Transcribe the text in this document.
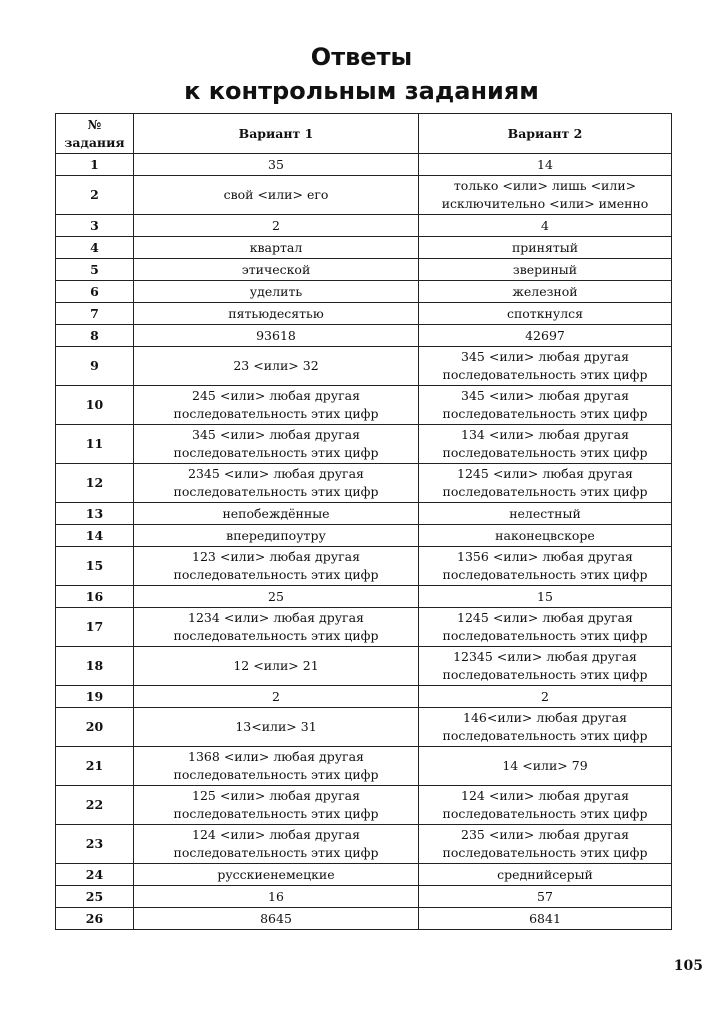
Ответы
к контрольным заданиям
№ задания	Вариант 1	Вариант 2
1	35	14

2	свой <или> его	только <или> лишь <или>
исключительно <или> именно

3	2	4

4	квартал	принятый

5	этической	звериный

6	уделить	железной

7	пятьюдесятью	споткнулся

8	93618	42697

9	23 <или> 32	345 <или> любая другая
последовательность этих цифр

10	245 <или> любая другая
последовательность этих цифр	345 <или> любая другая
последовательность этих цифр

11	345 <или> любая другая
последовательность этих цифр	134 <или> любая другая
последовательность этих цифр

12	2345 <или> любая другая
последовательность этих цифр	1245 <или> любая другая
последовательность этих цифр

13	непобеждённые	нелестный

14	впередипоутру	наконецвскоре

15	123 <или> любая другая
последовательность этих цифр	1356 <или> любая другая
последовательность этих цифр

16	25	15

17	1234 <или> любая другая
последовательность этих цифр	1245 <или> любая другая
последовательность этих цифр

18	12 <или> 21	12345 <или> любая другая
последовательность этих цифр

19	2	2

20	13<или> 31	146<или> любая другая
последовательность этих цифр

21	1368 <или> любая другая
последовательность этих цифр	14 <или> 79

22	125 <или> любая другая
последовательность этих цифр	124 <или> любая другая
последовательность этих цифр

23	124 <или> любая другая
последовательность этих цифр	235 <или> любая другая
последовательность этих цифр

24	русскиенемецкие	среднийсерый

25	16	57

26	8645	6841
105
